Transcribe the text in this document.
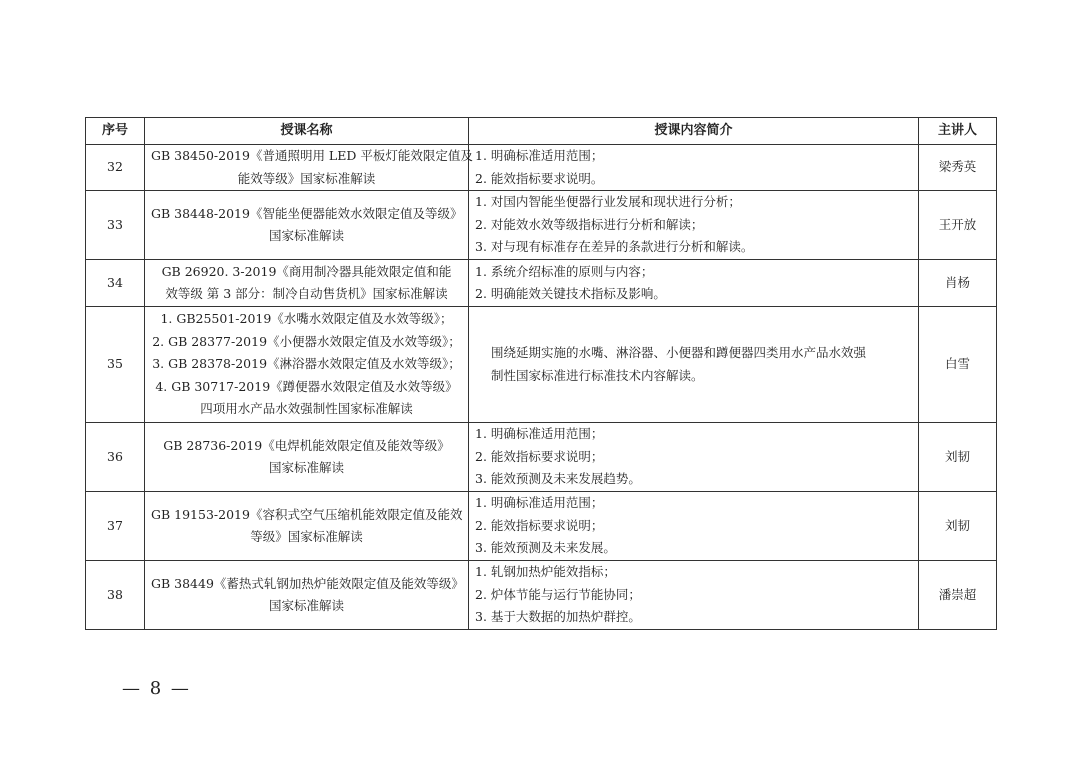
序号	授课名称	授课内容简介	主讲人
32	GB 38450-2019《普通照明用 LED 平板灯能效限定值及
能效等级》国家标准解读	1. 明确标准适用范围；
2. 能效指标要求说明。	梁秀英
33	GB 38448-2019《智能坐便器能效水效限定值及等级》
国家标准解读	1. 对国内智能坐便器行业发展和现状进行分析；
2. 对能效水效等级指标进行分析和解读；
3. 对与现有标准存在差异的条款进行分析和解读。	王开放
34	GB 26920. 3-2019《商用制冷器具能效限定值和能
效等级 第 3 部分：制冷自动售货机》国家标准解读	1. 系统介绍标准的原则与内容；
2. 明确能效关键技术指标及影响。	肖杨
35	1. GB25501-2019《水嘴水效限定值及水效等级》；
2. GB 28377-2019《小便器水效限定值及水效等级》；
3. GB 28378-2019《淋浴器水效限定值及水效等级》；
4. GB 30717-2019《蹲便器水效限定值及水效等级》
四项用水产品水效强制性国家标准解读	围绕延期实施的水嘴、淋浴器、小便器和蹲便器四类用水产品水效强
制性国家标准进行标准技术内容解读。	白雪
36	GB 28736-2019《电焊机能效限定值及能效等级》
国家标准解读	1. 明确标准适用范围；
2. 能效指标要求说明；
3. 能效预测及未来发展趋势。	刘韧
37	GB 19153-2019《容积式空气压缩机能效限定值及能效
等级》国家标准解读	1. 明确标准适用范围；
2. 能效指标要求说明；
3. 能效预测及未来发展。	刘韧
38	GB 38449《蓄热式轧钢加热炉能效限定值及能效等级》
国家标准解读	1. 轧钢加热炉能效指标；
2. 炉体节能与运行节能协同；
3. 基于大数据的加热炉群控。	潘崇超
— 8 —
